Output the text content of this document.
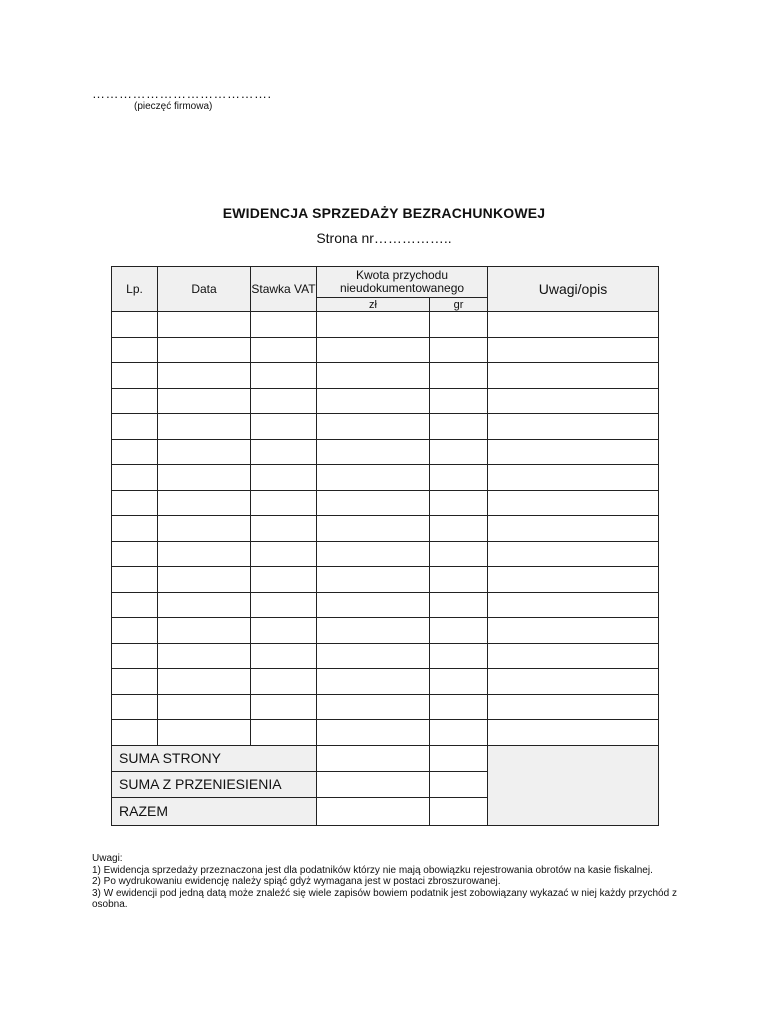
………………………………….
(pieczęć firmowa)
EWIDENCJA SPRZEDAŻY BEZRACHUNKOWEJ
Strona nr……………..
Lp.	Data	Stawka VAT	Kwota przychodu nieudokumentowanego		Uwagi/opis
			zł	gr	

SUMA STRONY					
SUMA Z PRZENIESIENIA					
RAZEM					
Uwagi:
1) Ewidencja sprzedaży przeznaczona jest dla podatników którzy nie mają obowiązku rejestrowania obrotów na kasie fiskalnej.
2) Po wydrukowaniu ewidencję należy spiąć gdyż wymagana jest w postaci zbroszurowanej.
3) W ewidencji pod jedną datą może znaleźć się wiele zapisów bowiem podatnik jest zobowiązany wykazać w niej każdy przychód z osobna.
